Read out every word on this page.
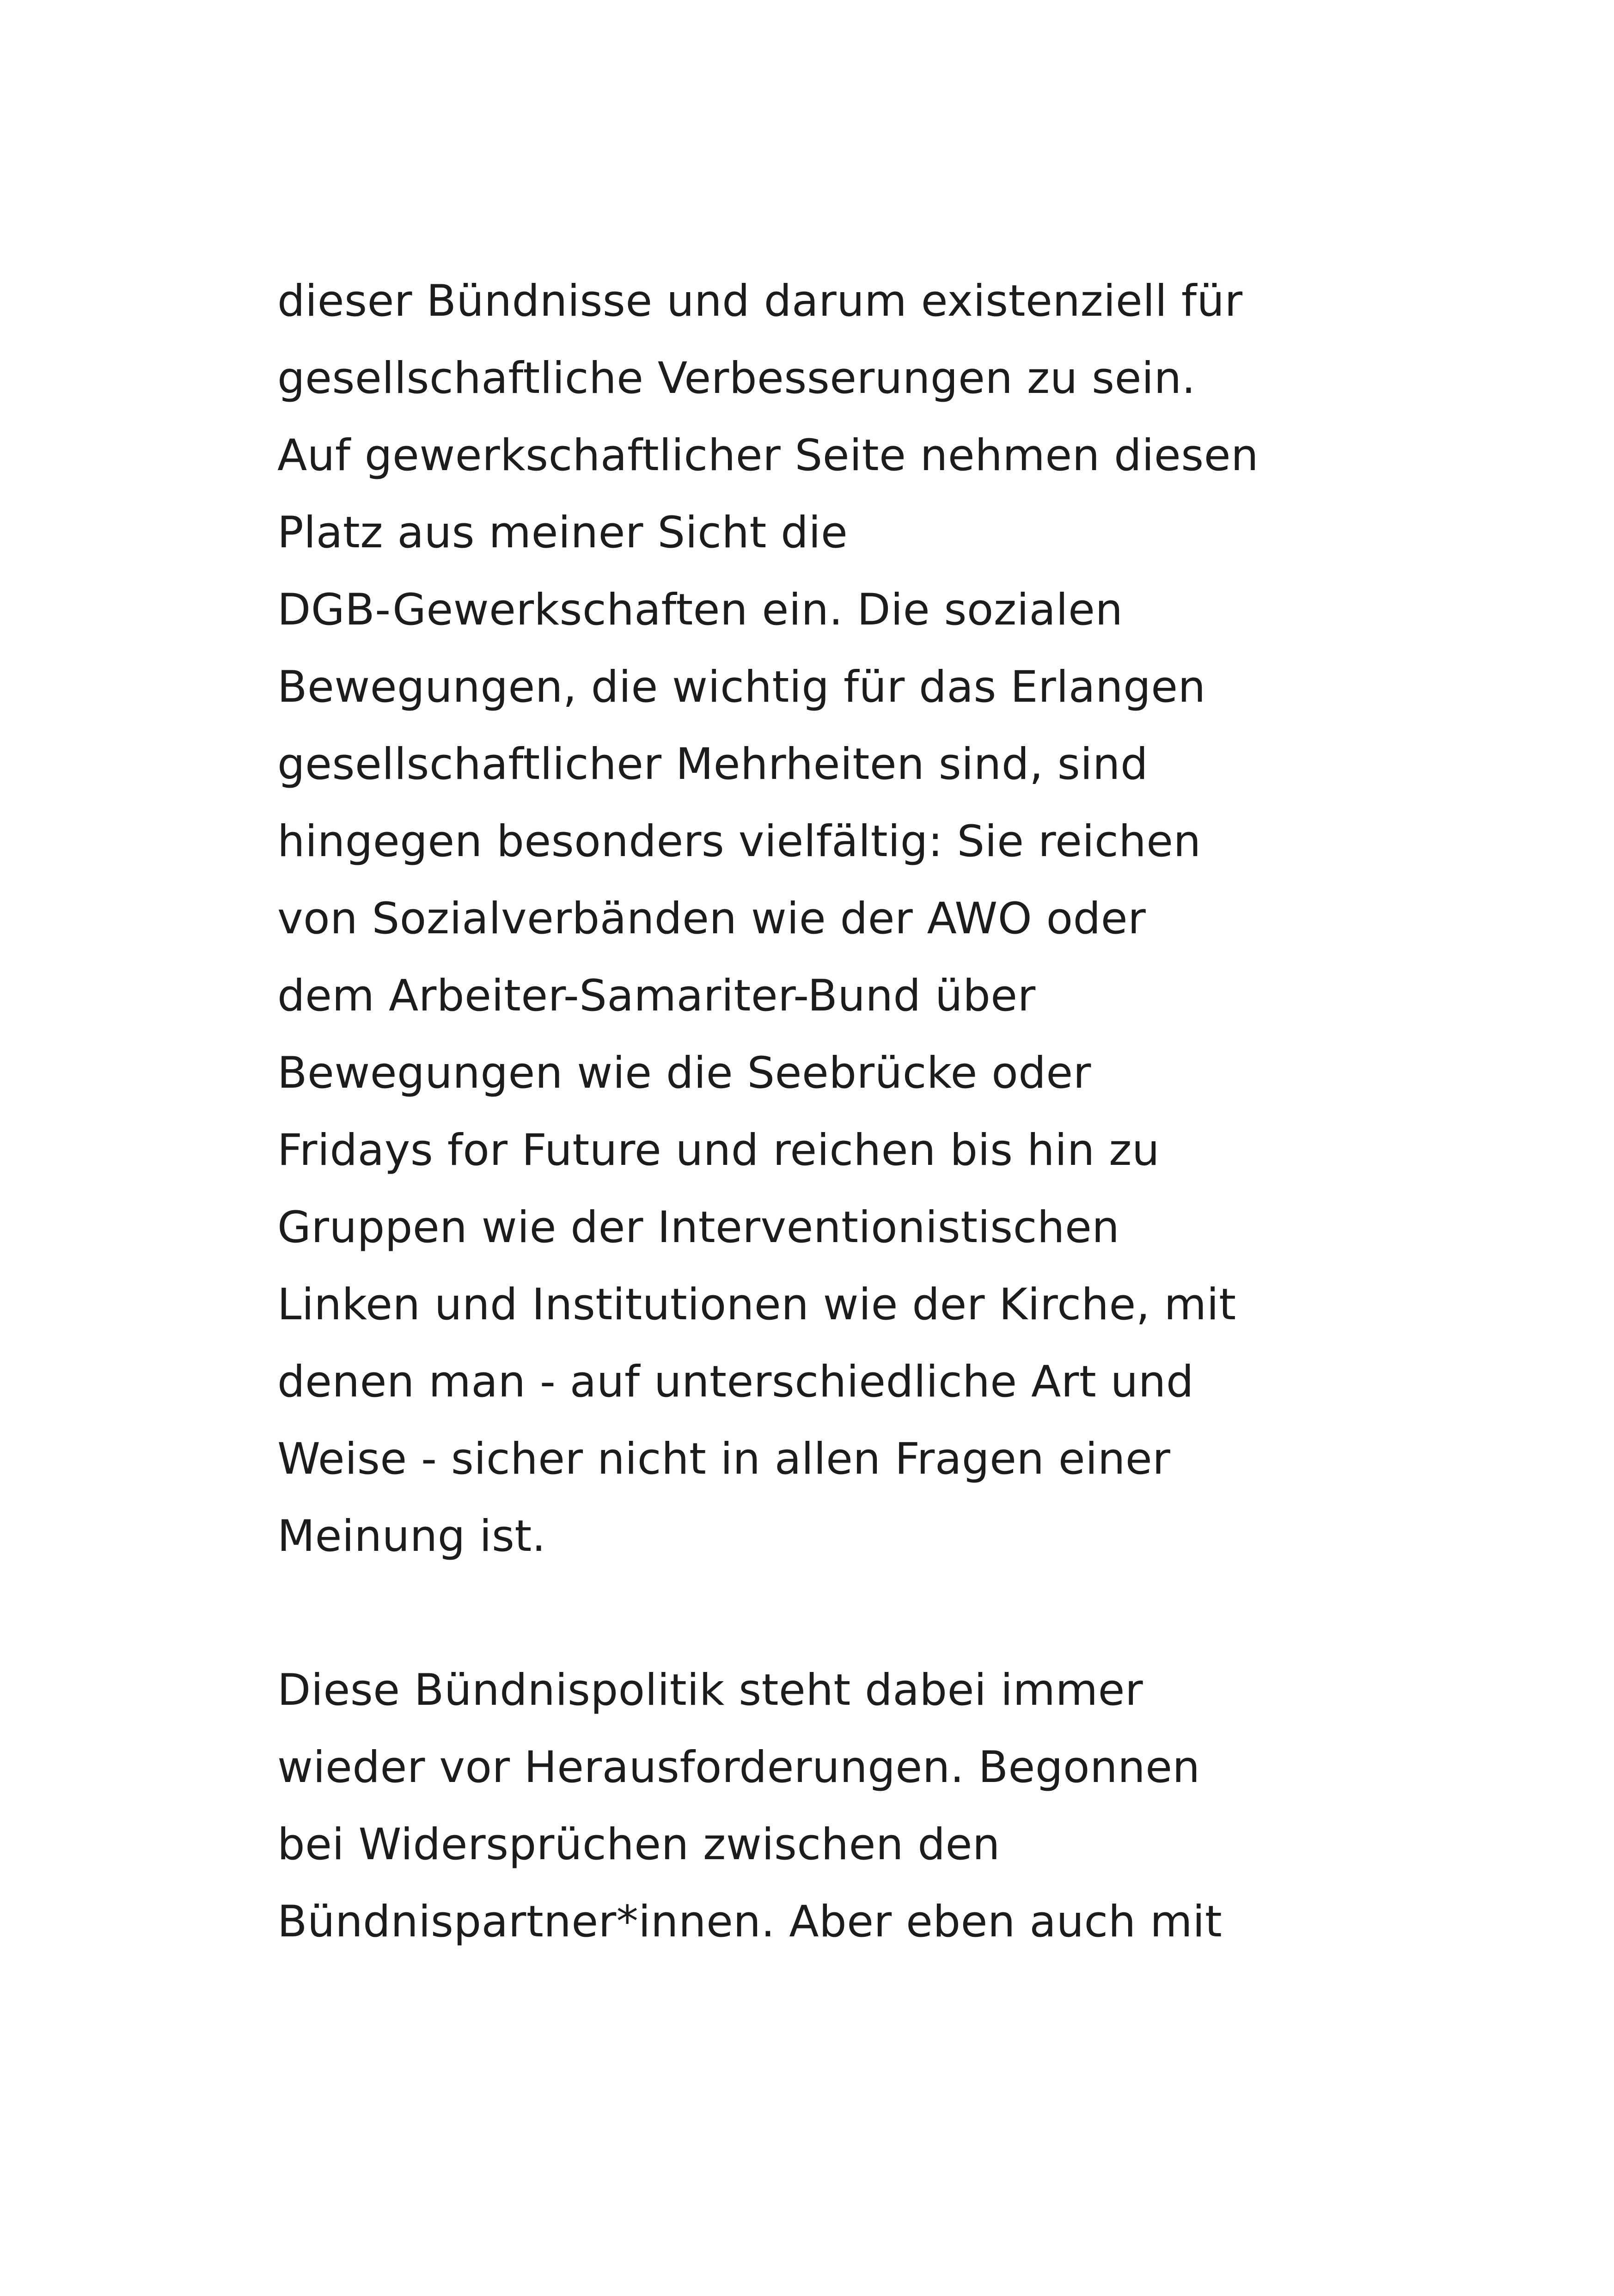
dieser Bündnisse und darum existenziell für
gesellschaftliche Verbesserungen zu sein.
Auf gewerkschaftlicher Seite nehmen diesen
Platz aus meiner Sicht die
DGB-Gewerkschaften ein. Die sozialen
Bewegungen, die wichtig für das Erlangen
gesellschaftlicher Mehrheiten sind, sind
hingegen besonders vielfältig: Sie reichen
von Sozialverbänden wie der AWO oder
dem Arbeiter-Samariter-Bund über
Bewegungen wie die Seebrücke oder
Fridays for Future und reichen bis hin zu
Gruppen wie der Interventionistischen
Linken und Institutionen wie der Kirche, mit
denen man - auf unterschiedliche Art und
Weise - sicher nicht in allen Fragen einer
Meinung ist.
Diese Bündnispolitik steht dabei immer
wieder vor Herausforderungen. Begonnen
bei Widersprüchen zwischen den
Bündnispartner*innen. Aber eben auch mit
